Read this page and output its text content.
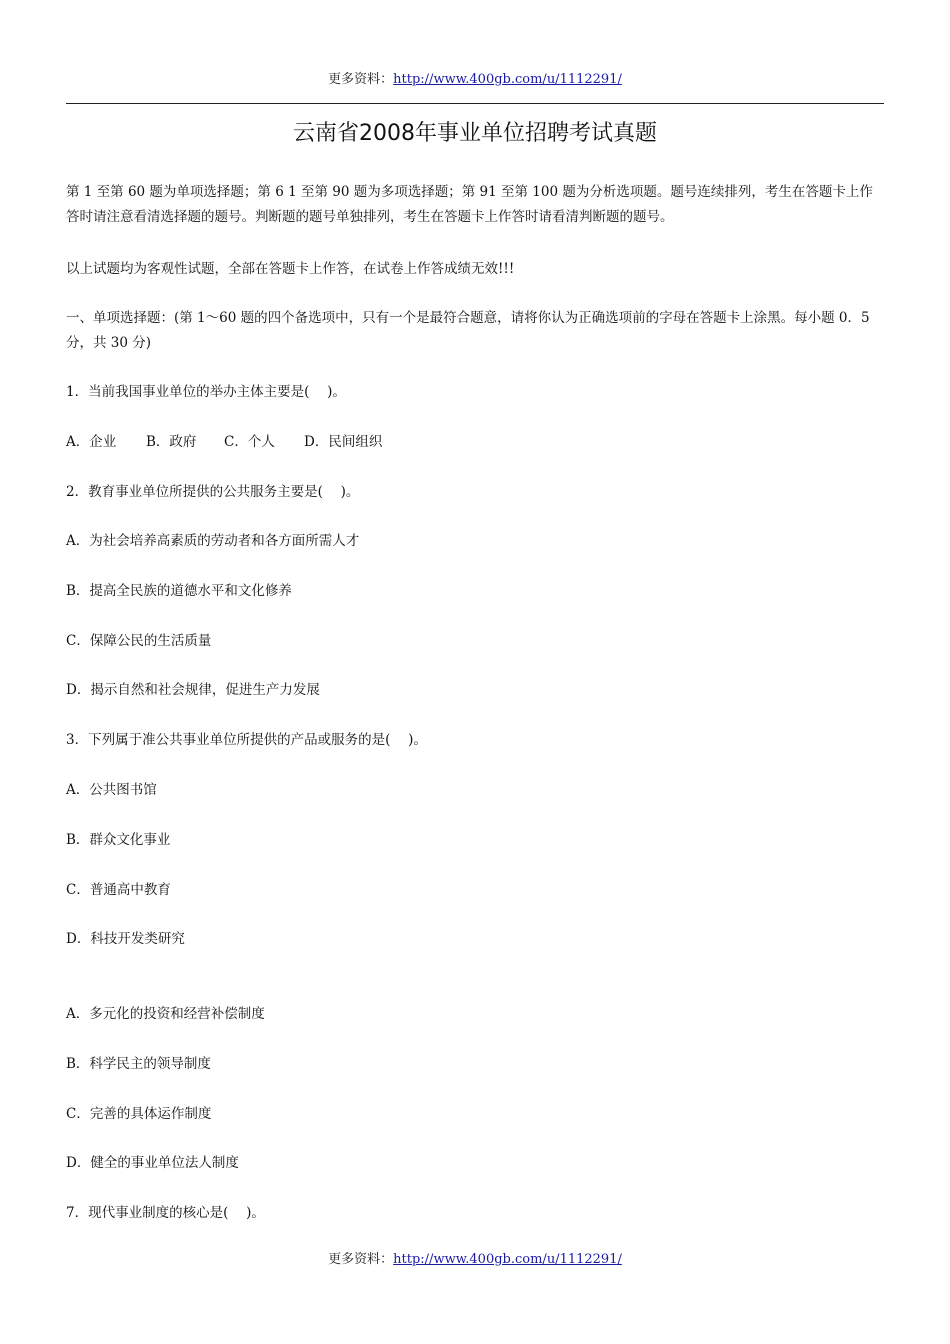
更多资料：http://www.400gb.com/u/1112291/
云南省2008年事业单位招聘考试真题
第 1 至第 60 题为单项选择题；第 6 1 至第 90 题为多项选择题；第 91 至第 100 题为分析选项题。题号连续排列，考生在答题卡上作答时请注意看清选择题的题号。判断题的题号单独排列，考生在答题卡上作答时请看清判断题的题号。
以上试题均为客观性试题，全部在答题卡上作答，在试卷上作答成绩无效!!!
一、单项选择题：(第 1～60 题的四个备选项中，只有一个是最符合题意，请将你认为正确选项前的字母在答题卡上涂黑。每小题 0．5 分，共 30 分)
1．当前我国事业单位的举办主体主要是(　 )。
A．企业 B．政府 C．个人 D．民间组织
2．教育事业单位所提供的公共服务主要是(　 )。
A．为社会培养高素质的劳动者和各方面所需人才
B．提高全民族的道德水平和文化修养
C．保障公民的生活质量
D．揭示自然和社会规律，促进生产力发展
3．下列属于准公共事业单位所提供的产品或服务的是(　 )。
A．公共图书馆
B．群众文化事业
C．普通高中教育
D．科技开发类研究
A．多元化的投资和经营补偿制度
B．科学民主的领导制度
C．完善的具体运作制度
D．健全的事业单位法人制度
7．现代事业制度的核心是(　 )。
更多资料：http://www.400gb.com/u/1112291/
